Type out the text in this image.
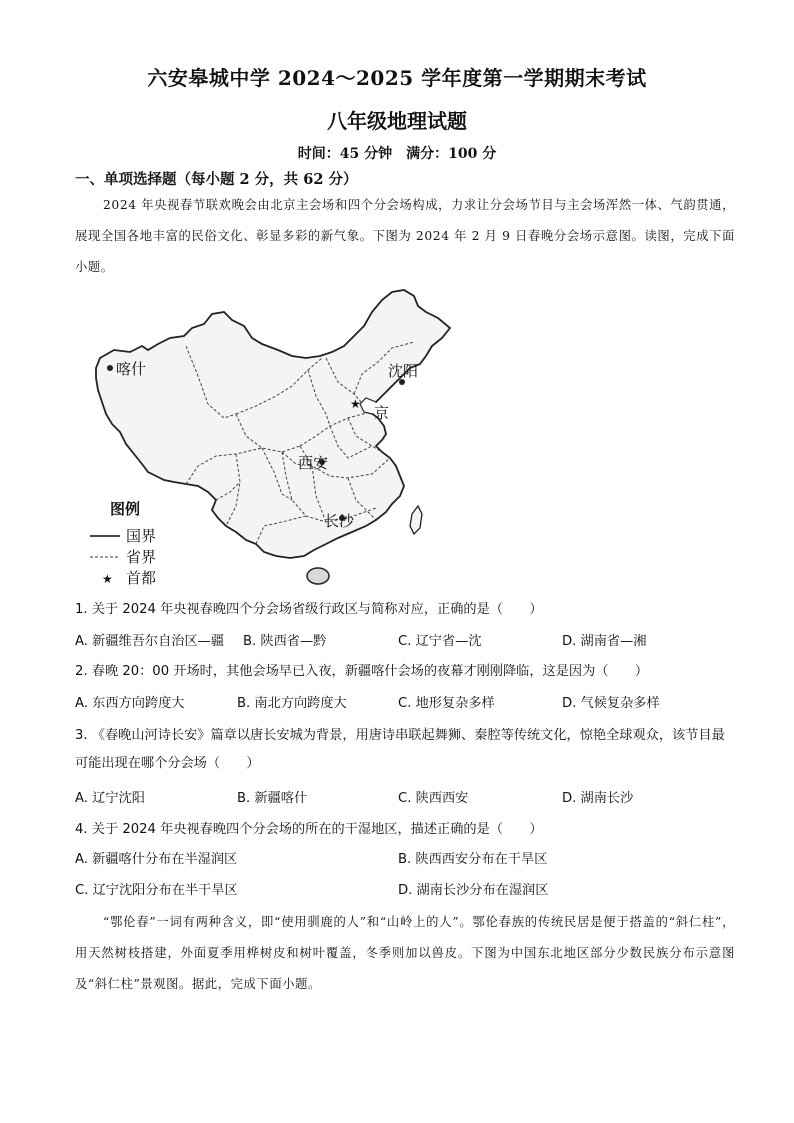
六安皋城中学 2024～2025 学年度第一学期期末考试
八年级地理试题
时间：45 分钟　满分：100 分
一、单项选择题（每小题 2 分，共 62 分）
2024 年央视春节联欢晚会由北京主会场和四个分会场构成，力求让分会场节目与主会场浑然一体、气韵贯通，展现全国各地丰富的民俗文化、彰显多彩的新气象。下图为 2024 年 2 月 9 日春晚分会场示意图。读图，完成下面小题。
★
喀什	沈阳
京
西安
长沙
图例
国界
省界
★ 首都
1. 关于 2024 年央视春晚四个分会场省级行政区与简称对应，正确的是（　　）
A. 新疆维吾尔自治区—疆 B. 陕西省—黔	C. 辽宁省—沈	D. 湖南省—湘
2. 春晚 20：00 开场时，其他会场早已入夜，新疆喀什会场的夜幕才刚刚降临，这是因为（　　）
A. 东西方向跨度大	B. 南北方向跨度大	C. 地形复杂多样	D. 气候复杂多样
3. 《春晚山河诗长安》篇章以唐长安城为背景，用唐诗串联起舞狮、秦腔等传统文化，惊艳全球观众，该节目最可能出现在哪个分会场（　　）
A. 辽宁沈阳	B. 新疆喀什	C. 陕西西安	D. 湖南长沙
4. 关于 2024 年央视春晚四个分会场的所在的干湿地区，描述正确的是（　　）
A. 新疆喀什分布在半湿润区	B. 陕西西安分布在干旱区
C. 辽宁沈阳分布在半干旱区	D. 湖南长沙分布在湿润区
“鄂伦春”一词有两种含义，即“使用驯鹿的人”和“山岭上的人”。鄂伦春族的传统民居是便于搭盖的“斜仁柱”，用天然树枝搭建，外面夏季用桦树皮和树叶覆盖，冬季则加以兽皮。下图为中国东北地区部分少数民族分布示意图及“斜仁柱”景观图。据此，完成下面小题。
